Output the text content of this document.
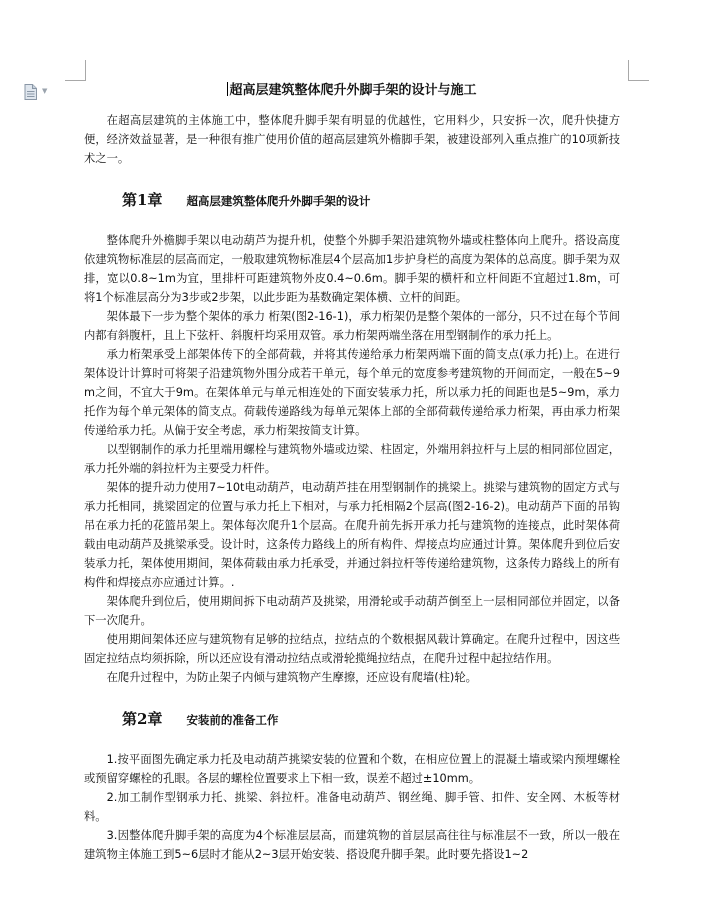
▼	超高层建筑整体爬升外脚手架的设计与施工

在超高层建筑的主体施工中，整体爬升脚手架有明显的优越性，它用料少，只安拆一次，爬升快捷方便，经济效益显著，是一种很有推广使用价值的超高层建筑外檐脚手架，被建设部列入重点推广的10项新技术之一。

第1章 超高层建筑整体爬升外脚手架的设计

整体爬升外檐脚手架以电动葫芦为提升机，使整个外脚手架沿建筑物外墙或柱整体向上爬升。搭设高度依建筑物标准层的层高而定，一般取建筑物标准层4个层高加1步护身栏的高度为架体的总高度。脚手架为双排，宽以0.8~1m为宜，里排杆可距建筑物外皮0.4~0.6m。脚手架的横杆和立杆间距不宜超过1.8m，可将1个标准层高分为3步或2步架，以此步距为基数确定架体横、立杆的间距。

架体最下一步为整个架体的承力 桁架(图2-16-1)，承力桁架仍是整个架体的一部分，只不过在每个节间内都有斜腹杆，且上下弦杆、斜腹杆均采用双管。承力桁架两端坐落在用型钢制作的承力托上。

承力桁架承受上部架体传下的全部荷载，并将其传递给承力桁架两端下面的简支点(承力托)上。在进行架体设计计算时可将架子沿建筑物外围分成若干单元，每个单元的宽度参考建筑物的开间而定，一般在5~9m之间，不宜大于9m。在架体单元与单元相连处的下面安装承力托，所以承力托的间距也是5~9m，承力托作为每个单元架体的简支点。荷载传递路线为每单元架体上部的全部荷载传递给承力桁架，再由承力桁架传递给承力托。从偏于安全考虑，承力桁架按简支计算。

以型钢制作的承力托里端用螺栓与建筑物外墙或边梁、柱固定，外端用斜拉杆与上层的相同部位固定，承力托外端的斜拉杆为主要受力杆件。

架体的提升动力使用7~10t电动葫芦，电动葫芦挂在用型钢制作的挑梁上。挑梁与建筑物的固定方式与承力托相同，挑梁固定的位置与承力托上下相对，与承力托相隔2个层高(图2-16-2)。电动葫芦下面的吊钩吊在承力托的花篮吊架上。架体每次爬升1个层高。在爬升前先拆开承力托与建筑物的连接点，此时架体荷载由电动葫芦及挑梁承受。设计时，这条传力路线上的所有构件、焊接点均应通过计算。架体爬升到位后安装承力托，架体使用期间，架体荷载由承力托承受，并通过斜拉杆等传递给建筑物，这条传力路线上的所有构件和焊接点亦应通过计算。.

架体爬升到位后，使用期间拆下电动葫芦及挑梁，用滑轮或手动葫芦倒至上一层相同部位并固定，以备下一次爬升。

使用期间架体还应与建筑物有足够的拉结点，拉结点的个数根据风载计算确定。在爬升过程中，因这些固定拉结点均须拆除，所以还应设有滑动拉结点或滑轮揽绳拉结点，在爬升过程中起拉结作用。

在爬升过程中，为防止架子内倾与建筑物产生摩擦，还应设有爬墙(柱)轮。

第2章 安装前的准备工作

1.按平面图先确定承力托及电动葫芦挑梁安装的位置和个数，在相应位置上的混凝土墙或梁内预埋螺栓或预留穿螺栓的孔眼。各层的螺栓位置要求上下相一致，误差不超过±10mm。

2.加工制作型钢承力托、挑梁、斜拉杆。准备电动葫芦、钢丝绳、脚手管、扣件、安全网、木板等材料。

3.因整体爬升脚手架的高度为4个标准层层高，而建筑物的首层层高往往与标准层不一致，所以一般在建筑物主体施工到5~6层时才能从2~3层开始安装、搭设爬升脚手架。此时要先搭设1~2
